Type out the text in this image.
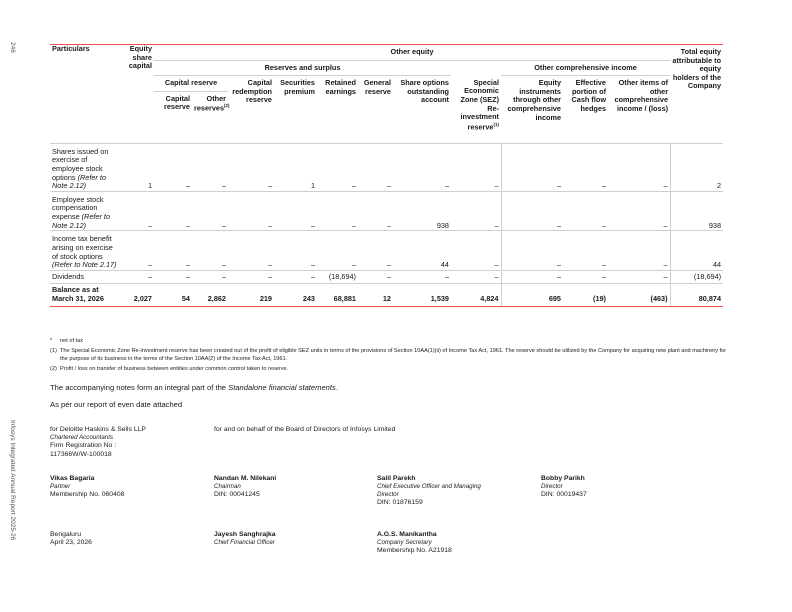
246
Infosys Integrated Annual Report 2025-26
Particulars	Equity share capital	Other equity											Total equity attributable to equity holders of the Company
		Reserves and surplus								Other comprehensive income			
		Capital reserve		Capital redemption reserve	Securities premium	Retained earnings	General reserve	Share options outstanding account	Special Economic Zone (SEZ) Re-investment reserve$^{(1)}$	Equity instruments through other comprehensive income	Effective portion of Cash flow hedges	Other items of other comprehensive income / (loss)	
		Capital reserve	Other reserves$^{(2)}$
Shares issued on exercise of employee stock options (Refer to Note 2.12)	1	–	–	–	1	–	–	–	–	–	–	–	2
Employee stock compensation expense (Refer to Note 2.12)	–	–	–	–	–	–	–	938	–	–	–	–	938
Income tax benefit arising on exercise of stock options (Refer to Note 2.17)	–	–	–	–	–	–	–	44	–	–	–	–	44
Dividends	–	–	–	–	–	(18,694)	–	–	–	–	–	–	(18,694)
Balance as at March 31, 2026	2,027	54	2,862	219	243	68,881	12	1,539	4,824	695	(19)	(463)	80,874
* net of tax
(1) The Special Economic Zone Re-investment reserve has been created out of the profit of eligible SEZ units in terms of the provisions of Section 10AA(1)(ii) of Income Tax Act, 1961. The reserve should be utilized by the Company for acquiring new plant and machinery for the purpose of its business in the terms of the Section 10AA(2) of the Income Tax Act, 1961.
(2) Profit / loss on transfer of business between entities under common control taken to reserve.
The accompanying notes form an integral part of the Standalone financial statements.
As per our report of even date attached
for Deloitte Haskins & Sells LLP
Chartered Accountants
Firm Registration No :
117366W/W-100018
for and on behalf of the Board of Directors of Infosys Limited
Vikas Bagaria
Partner
Membership No. 060408
Nandan M. Nilekani
Chairman
DIN: 00041245
Salil Parekh
Chief Executive Officer and Managing Director
DIN: 01876159
Bobby Parikh
Director
DIN: 00019437
Bengaluru
April 23, 2026
Jayesh Sanghrajka
Chief Financial Officer
A.G.S. Manikantha
Company Secretary
Membership No. A21918
